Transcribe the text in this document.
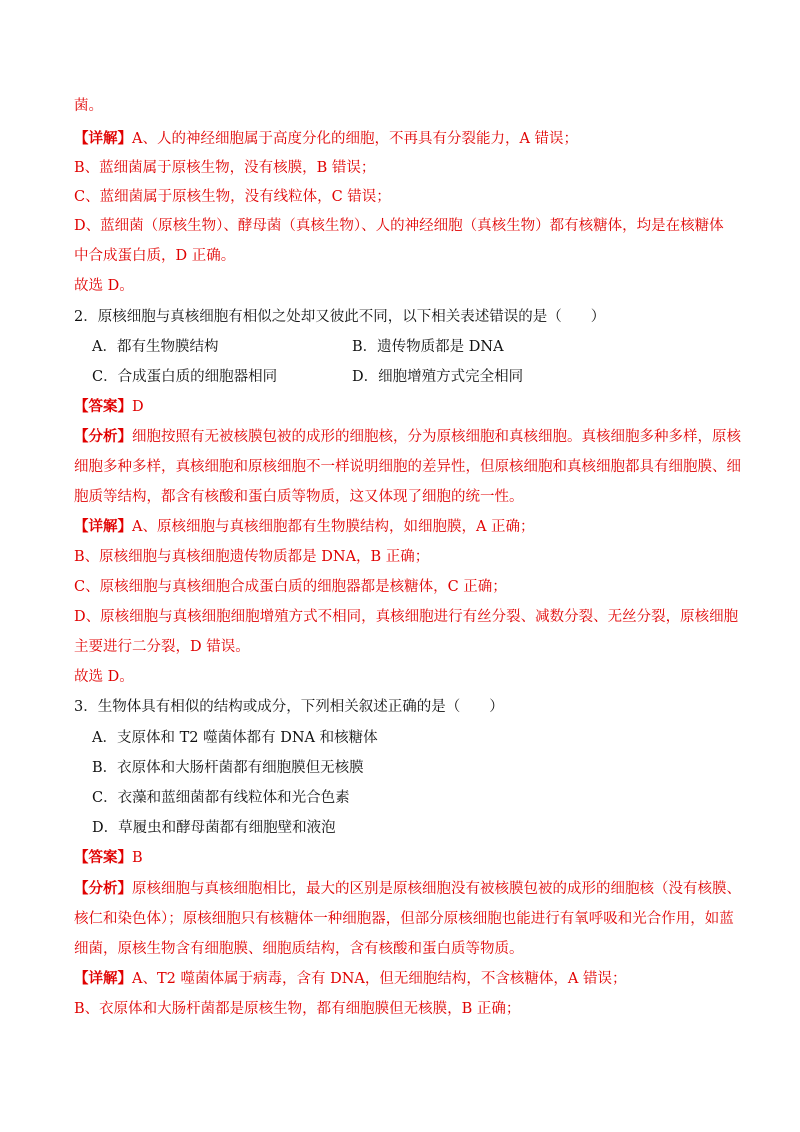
菌。
【详解】A、人的神经细胞属于高度分化的细胞，不再具有分裂能力，A 错误；
B、蓝细菌属于原核生物，没有核膜，B 错误；
C、蓝细菌属于原核生物，没有线粒体，C 错误；
D、蓝细菌（原核生物）、酵母菌（真核生物）、人的神经细胞（真核生物）都有核糖体，均是在核糖体
中合成蛋白质，D 正确。
故选 D。
2．原核细胞与真核细胞有相似之处却又彼此不同，以下相关表述错误的是（　　）
A．都有生物膜结构	B．遗传物质都是 DNA
C．合成蛋白质的细胞器相同	D．细胞增殖方式完全相同
【答案】D
【分析】细胞按照有无被核膜包被的成形的细胞核，分为原核细胞和真核细胞。真核细胞多种多样，原核
细胞多种多样，真核细胞和原核细胞不一样说明细胞的差异性，但原核细胞和真核细胞都具有细胞膜、细
胞质等结构，都含有核酸和蛋白质等物质，这又体现了细胞的统一性。
【详解】A、原核细胞与真核细胞都有生物膜结构，如细胞膜，A 正确；
B、原核细胞与真核细胞遗传物质都是 DNA，B 正确；
C、原核细胞与真核细胞合成蛋白质的细胞器都是核糖体，C 正确；
D、原核细胞与真核细胞细胞增殖方式不相同，真核细胞进行有丝分裂、减数分裂、无丝分裂，原核细胞
主要进行二分裂，D 错误。
故选 D。
3．生物体具有相似的结构或成分，下列相关叙述正确的是（　　）
A．支原体和 T2 噬菌体都有 DNA 和核糖体
B．衣原体和大肠杆菌都有细胞膜但无核膜
C．衣藻和蓝细菌都有线粒体和光合色素
D．草履虫和酵母菌都有细胞壁和液泡
【答案】B
【分析】原核细胞与真核细胞相比，最大的区别是原核细胞没有被核膜包被的成形的细胞核（没有核膜、
核仁和染色体）；原核细胞只有核糖体一种细胞器，但部分原核细胞也能进行有氧呼吸和光合作用，如蓝
细菌，原核生物含有细胞膜、细胞质结构，含有核酸和蛋白质等物质。
【详解】A、T2 噬菌体属于病毒，含有 DNA，但无细胞结构，不含核糖体，A 错误；
B、衣原体和大肠杆菌都是原核生物，都有细胞膜但无核膜，B 正确；
